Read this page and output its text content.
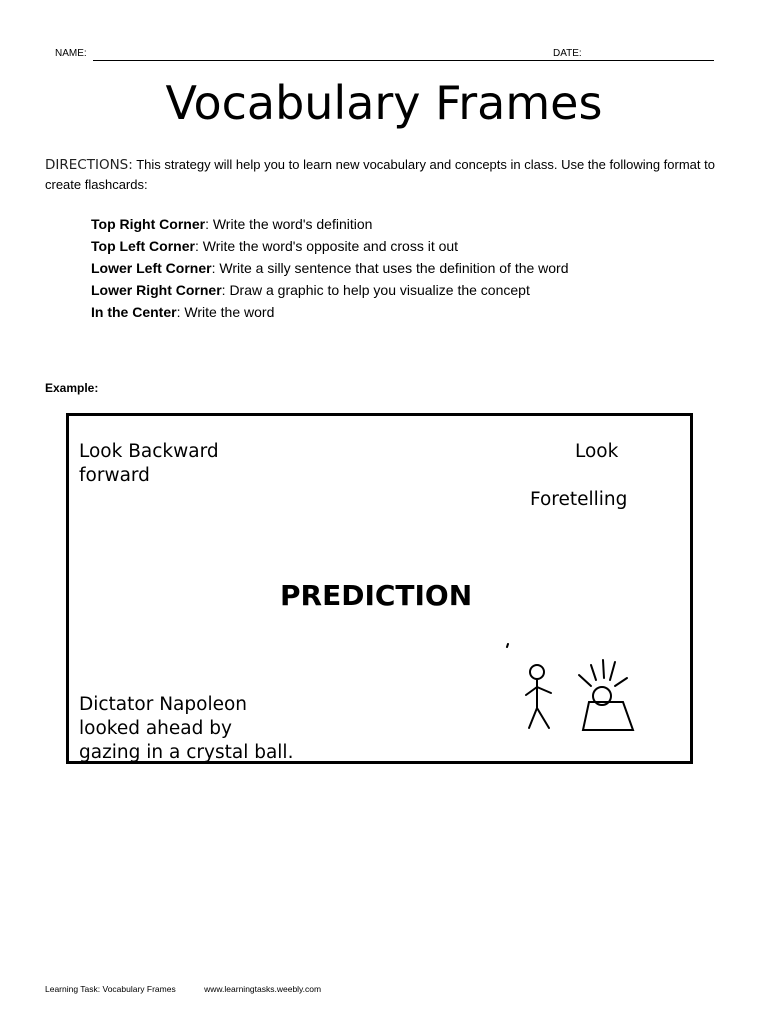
NAME:	DATE:
Vocabulary Frames
DIRECTIONS: This strategy will help you to learn new vocabulary and concepts in class. Use the following format to create flashcards:
Top Right Corner: Write the word's definition
Top Left Corner: Write the word's opposite and cross it out
Lower Left Corner: Write a silly sentence that uses the definition of the word
Lower Right Corner: Draw a graphic to help you visualize the concept
In the Center: Write the word
Example:
Look Backward
forward
Look
Foretelling
PREDICTION
Dictator Napoleon
looked ahead by
gazing in a crystal ball.
Learning Task: Vocabulary Frames	www.learningtasks.weebly.com
